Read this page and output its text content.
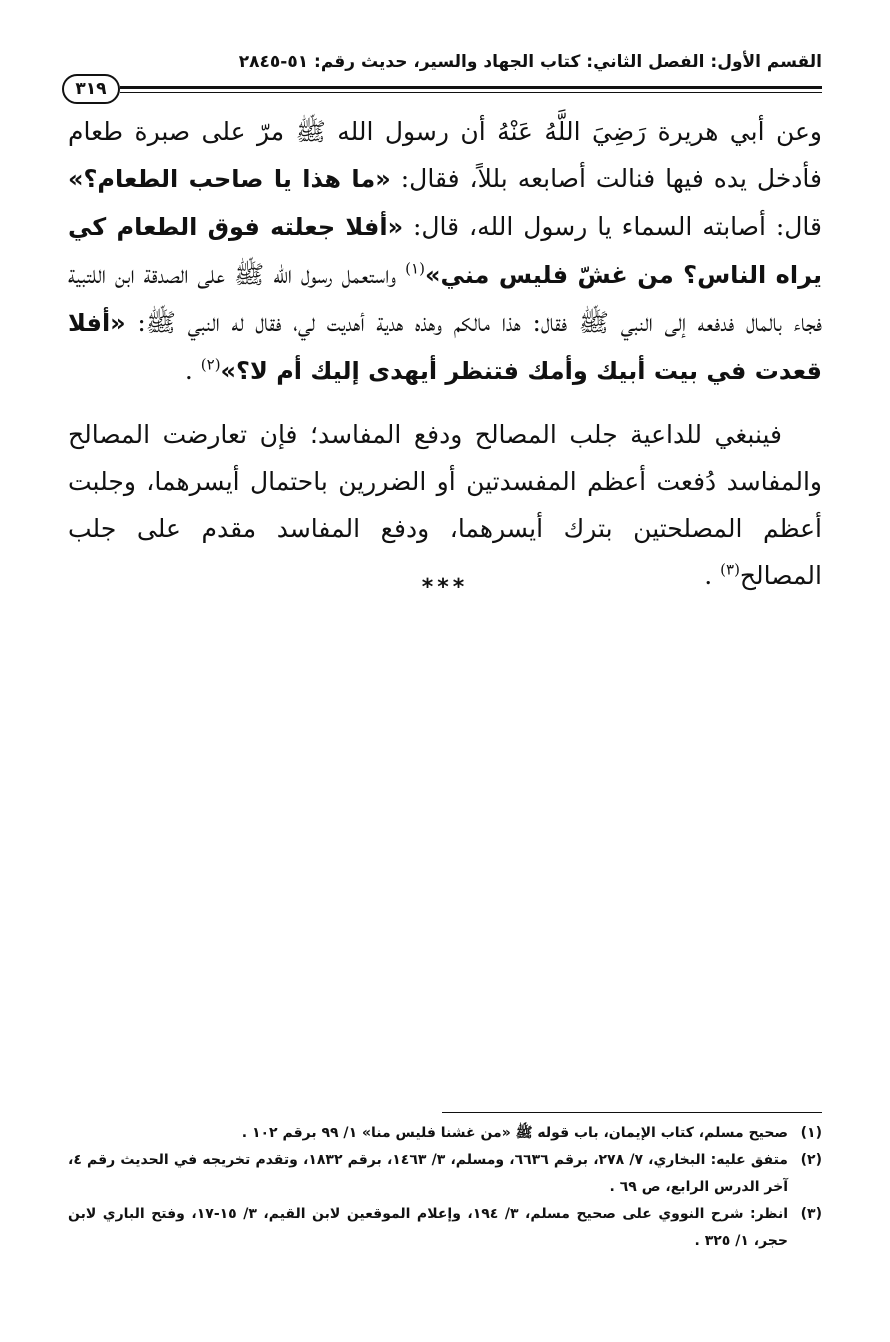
القسم الأول: الفصل الثاني: كتاب الجهاد والسير، حديث رقم: ٥١-٢٨٤٥
٣١٩

وعن أبي هريرة رَضِيَ اللَّهُ عَنْهُ أن رسول الله ﷺ مرّ على صبرة طعام فأدخل يده فيها فنالت أصابعه بللاً، فقال: «ما هذا يا صاحب الطعام؟» قال: أصابته السماء يا رسول الله، قال: «أفلا جعلته فوق الطعام كي يراه الناس؟ من غشّ فليس مني»$^{(١)}$ واستعمل رسول الله ﷺ على الصدقة ابن اللتبية فجاء بالمال فدفعه إلى النبي ﷺ فقال: هذا مالكم وهذه هدية أهديت لي، فقال له النبي ﷺ: «أفلا قعدت في بيت أبيك وأمك فتنظر أيهدى إليك أم لا؟»$^{(٢)}$ .

فينبغي للداعية جلب المصالح ودفع المفاسد؛ فإن تعارضت المصالح والمفاسد دُفعت أعظم المفسدتين أو الضررين باحتمال أيسرهما، وجلبت أعظم المصلحتين بترك أيسرهما، ودفع المفاسد مقدم على جلب المصالح$^{(٣)}$ .

***

(١)
صحيح مسلم، كتاب الإيمان، باب قوله ﷺ «من غشنا فليس منا» ١/ ٩٩ برقم ١٠٢ .

(٢)
متفق عليه: البخاري، ٧/ ٢٧٨، برقم ٦٦٣٦، ومسلم، ٣/ ١٤٦٣، برقم ١٨٣٢، وتقدم تخريجه في الحديث رقم ٤، آخر الدرس الرابع، ص ٦٩ .

(٣)
انظر: شرح النووي على صحيح مسلم، ٣/ ١٩٤، وإعلام الموقعين لابن القيم، ٣/ ١٥-١٧، وفتح الباري لابن حجر، ١/ ٣٢٥ .
